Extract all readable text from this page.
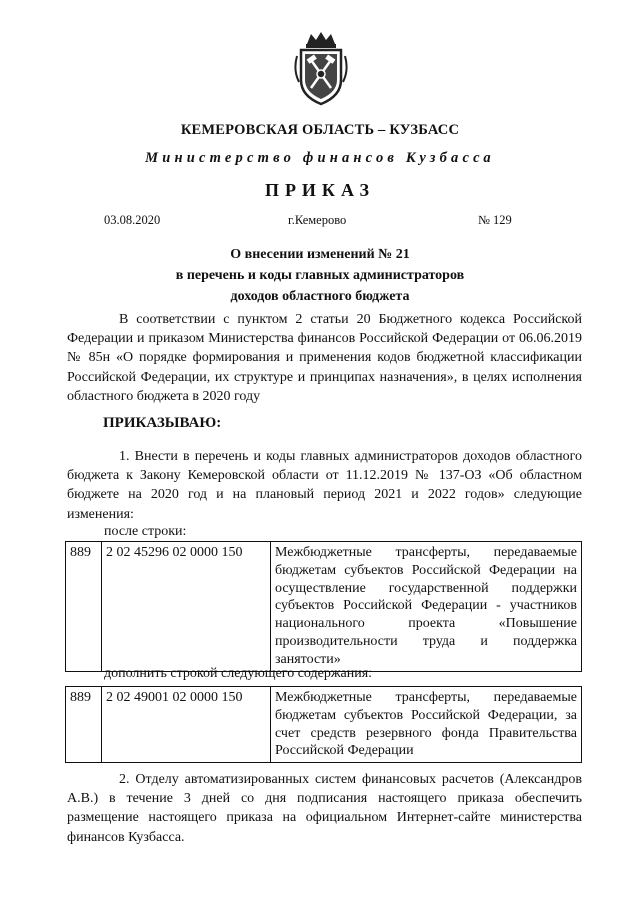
КЕМЕРОВСКАЯ ОБЛАСТЬ – КУЗБАСС
Министерство финансов Кузбасса
ПРИКАЗ
03.08.2020	г.Кемерово	№ 129
О внесении изменений № 21
в перечень и коды главных администраторов
доходов областного бюджета
В соответствии с пунктом 2 статьи 20 Бюджетного кодекса Российской Федерации и приказом Министерства финансов Российской Федерации от 06.06.2019 № 85н «О порядке формирования и применения кодов бюджетной классификации Российской Федерации, их структуре и принципах назначения», в целях исполнения областного бюджета в 2020 году
ПРИКАЗЫВАЮ:
1. Внести в перечень и коды главных администраторов доходов областного бюджета к Закону Кемеровской области от 11.12.2019 № 137-ОЗ «Об областном бюджете на 2020 год и на плановый период 2021 и 2022 годов» следующие изменения:
после строки:
889	2 02 45296 02 0000 150	Межбюджетные трансферты, передаваемые бюджетам субъектов Российской Федерации на осуществление государственной поддержки субъектов Российской Федерации - участников национального проекта «Повышение производительности труда и поддержка занятости»
дополнить строкой следующего содержания:
889	2 02 49001 02 0000 150	Межбюджетные трансферты, передаваемые бюджетам субъектов Российской Федерации, за счет средств резервного фонда Правительства Российской Федерации
2. Отделу автоматизированных систем финансовых расчетов (Александров А.В.) в течение 3 дней со дня подписания настоящего приказа обеспечить размещение настоящего приказа на официальном Интернет-сайте министерства финансов Кузбасса.
